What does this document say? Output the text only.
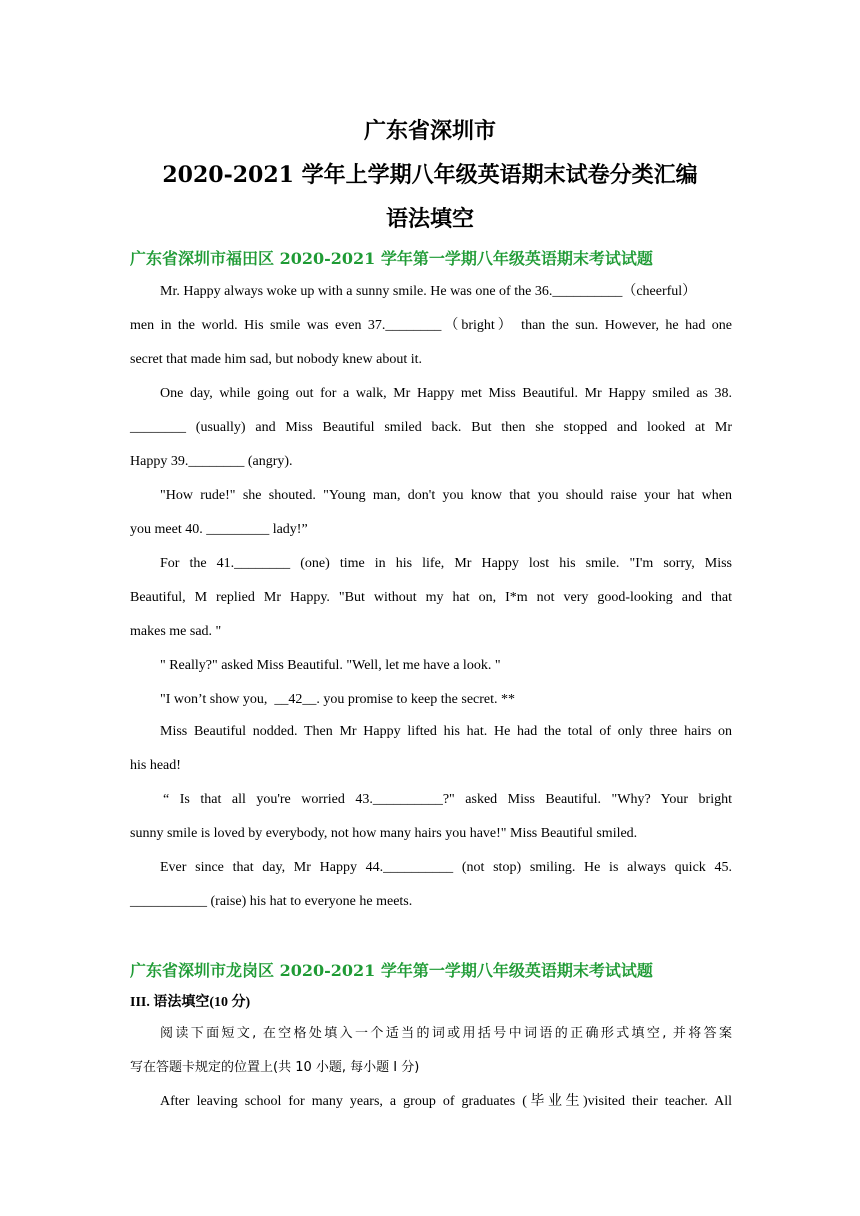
广东省深圳市
2020-2021 学年上学期八年级英语期末试卷分类汇编
语法填空
广东省深圳市福田区 2020-2021 学年第一学期八年级英语期末考试试题
Mr. Happy always woke up with a sunny smile. He was one of the 36.__________（cheerful）
men in the world. His smile was even 37.________（bright） than the sun. However, he had one
secret that made him sad, but nobody knew about it.
One day, while going out for a walk, Mr Happy met Miss Beautiful. Mr Happy smiled as 38.
________ (usually) and Miss Beautiful smiled back. But then she stopped and looked at Mr
Happy 39.________ (angry).
"How rude!" she shouted. "Young man, don't you know that you should raise your hat when
you meet 40. _________ lady!”
For the 41.________ (one) time in his life, Mr Happy lost his smile. "I'm sorry, Miss
Beautiful, M replied Mr Happy. "But without my hat on, I*m not very good-looking and that
makes me sad. "
" Really?" asked Miss Beautiful. "Well, let me have a look. "
"I won’t show you,  __42__. you promise to keep the secret. **
Miss Beautiful nodded. Then Mr Happy lifted his hat. He had the total of only three hairs on
his head!
“ Is that all you're worried 43.__________?" asked Miss Beautiful. "Why? Your bright
sunny smile is loved by everybody, not how many hairs you have!" Miss Beautiful smiled.
Ever since that day, Mr Happy 44.__________ (not stop) smiling. He is always quick 45.
___________ (raise) his hat to everyone he meets.
广东省深圳市龙岗区 2020-2021 学年第一学期八年级英语期末考试试题
III. 语法填空(10 分)
阅读下面短文, 在空格处填入一个适当的词或用括号中词语的正确形式填空, 并将答案
写在答题卡规定的位置上(共 10 小题, 每小题 I 分)
After leaving school for many years, a group of graduates (毕业生)visited their teacher. All
